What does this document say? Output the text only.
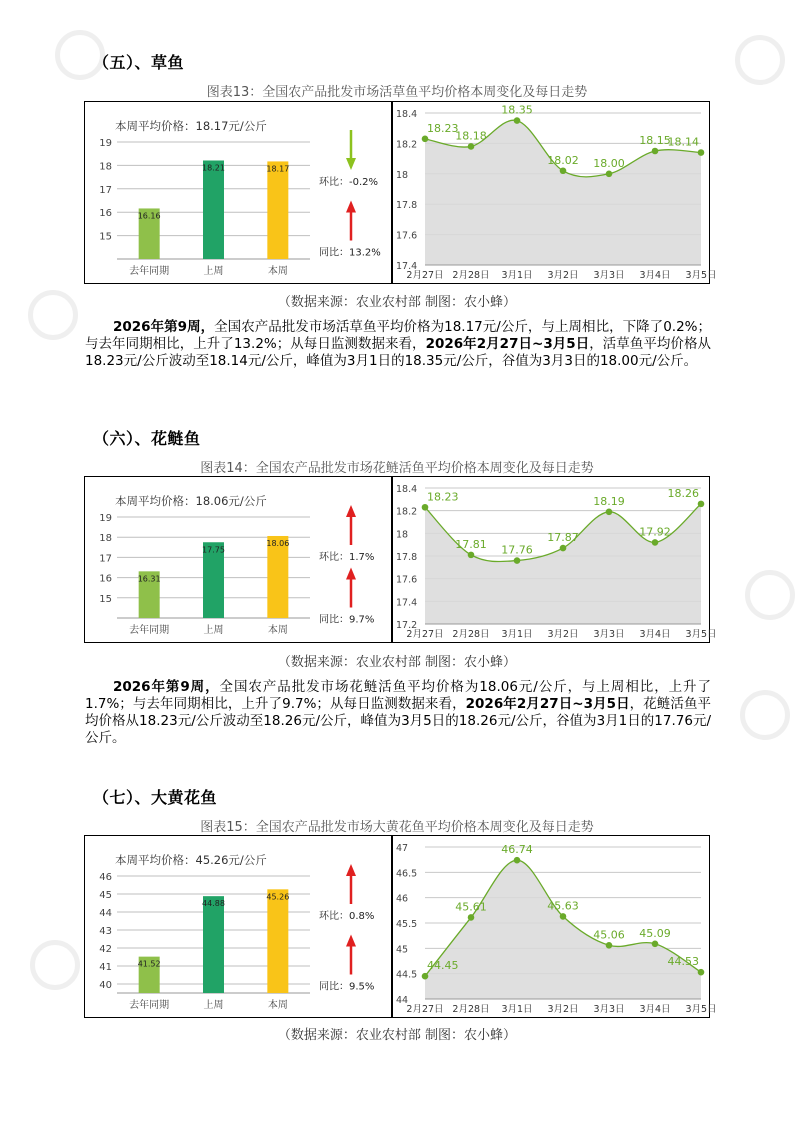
（五）、草鱼
图表13：全国农产品批发市场活草鱼平均价格本周变化及每日走势
本周平均价格：18.17元/公斤
15
16
17
18
19
16.16
去年同期
18.21
上周
18.17
本周
环比：-0.2%
同比：13.2%
17.4
17.6
17.8
18
18.2
18.4
18.23
2月27日
18.18
2月28日
18.35
3月1日
18.02
3月2日
18.00
3月3日
18.15
3月4日
18.14
3月5日
（数据来源：农业农村部 制图：农小蜂）
2026年第9周，全国农产品批发市场活草鱼平均价格为18.17元/公斤，与上周相比，下降了0.2%；与去年同期相比，上升了13.2%；从每日监测数据来看，2026年2月27日~3月5日，活草鱼平均价格从18.23元/公斤波动至18.14元/公斤，峰值为3月1日的18.35元/公斤，谷值为3月3日的18.00元/公斤。
（六）、花鲢鱼
图表14：全国农产品批发市场花鲢活鱼平均价格本周变化及每日走势
本周平均价格：18.06元/公斤
15
16
17
18
19
16.31
去年同期
17.75
上周
18.06
本周
环比：1.7%
同比：9.7% 17.2
17.4
17.6
17.8
18
18.2
18.4
18.23
2月27日
17.81
2月28日
17.76
3月1日
17.87
3月2日
18.19
3月3日
17.92
3月4日
18.26
3月5日
（数据来源：农业农村部 制图：农小蜂）
2026年第9周，全国农产品批发市场花鲢活鱼平均价格为18.06元/公斤，与上周相比，上升了1.7%；与去年同期相比，上升了9.7%；从每日监测数据来看，2026年2月27日~3月5日，花鲢活鱼平均价格从18.23元/公斤波动至18.26元/公斤，峰值为3月5日的18.26元/公斤，谷值为3月1日的17.76元/公斤。
（七）、大黄花鱼
图表15：全国农产品批发市场大黄花鱼平均价格本周变化及每日走势
本周平均价格：45.26元/公斤
40
41
42
43
44
45
46
41.52
去年同期
44.88
上周
45.26
本周
环比：0.8%
同比：9.5%
44
44.5
45
45.5
46
46.5
47
44.45
2月27日
45.61
2月28日
46.74
3月1日
45.63
3月2日
45.06
3月3日
45.09
3月4日
44.53
3月5日
（数据来源：农业农村部 制图：农小蜂）
